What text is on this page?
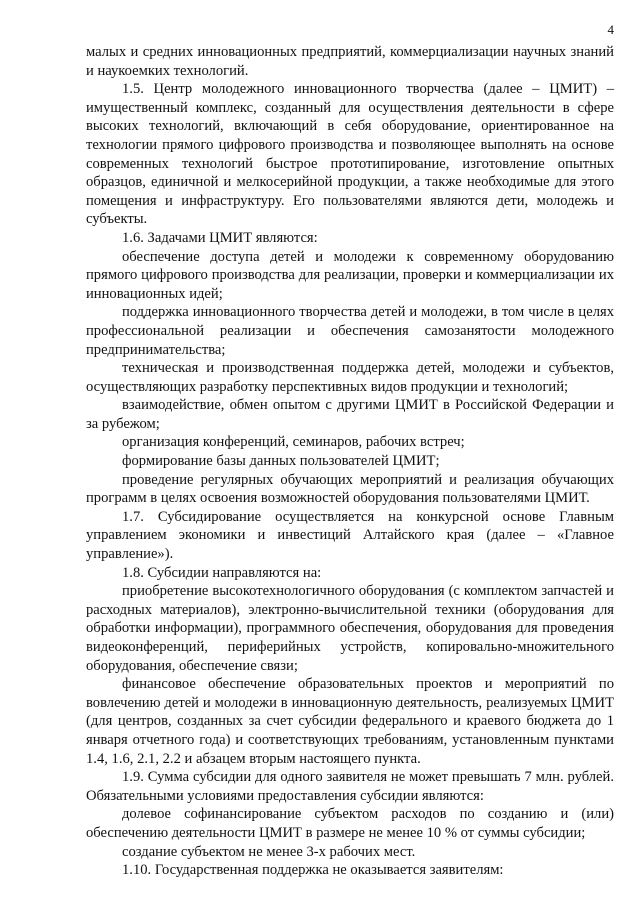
4

малых и средних инновационных предприятий, коммерциализации научных знаний и наукоемких технологий.

1.5. Центр молодежного инновационного творчества (далее – ЦМИТ) – имущественный комплекс, созданный для осуществления деятельности в сфере высоких технологий, включающий в себя оборудование, ориентированное на технологии прямого цифрового производства и позволяющее выполнять на основе современных технологий быстрое прототипирование, изготовление опытных образцов, единичной и мелкосерийной продукции, а также необходимые для этого помещения и инфраструктуру. Его пользователями являются дети, молодежь и субъекты.

1.6. Задачами ЦМИТ являются:

обеспечение доступа детей и молодежи к современному оборудованию прямого цифрового производства для реализации, проверки и коммерциализации их инновационных идей;

поддержка инновационного творчества детей и молодежи, в том числе в целях профессиональной реализации и обеспечения самозанятости молодежного предпринимательства;

техническая и производственная поддержка детей, молодежи и субъектов, осуществляющих разработку перспективных видов продукции и технологий;

взаимодействие, обмен опытом с другими ЦМИТ в Российской Федерации и за рубежом;

организация конференций, семинаров, рабочих встреч;

формирование базы данных пользователей ЦМИТ;

проведение регулярных обучающих мероприятий и реализация обучающих программ в целях освоения возможностей оборудования пользователями ЦМИТ.

1.7. Субсидирование осуществляется на конкурсной основе Главным управлением экономики и инвестиций Алтайского края (далее – «Главное управление»).

1.8. Субсидии направляются на:

приобретение высокотехнологичного оборудования (с комплектом запчастей и расходных материалов), электронно-вычислительной техники (оборудования для обработки информации), программного обеспечения, оборудования для проведения видеоконференций, периферийных устройств, копировально-множительного оборудования, обеспечение связи;

финансовое обеспечение образовательных проектов и мероприятий по вовлечению детей и молодежи в инновационную деятельность, реализуемых ЦМИТ (для центров, созданных за счет субсидии федерального и краевого бюджета до 1 января отчетного года) и соответствующих требованиям, установленным пунктами 1.4, 1.6, 2.1, 2.2 и абзацем вторым настоящего пункта.

1.9. Сумма субсидии для одного заявителя не может превышать 7 млн. рублей. Обязательными условиями предоставления субсидии являются:

долевое софинансирование субъектом расходов по созданию и (или) обеспечению деятельности ЦМИТ в размере не менее 10 % от суммы субсидии;

создание субъектом не менее 3-х рабочих мест.

1.10. Государственная поддержка не оказывается заявителям:
